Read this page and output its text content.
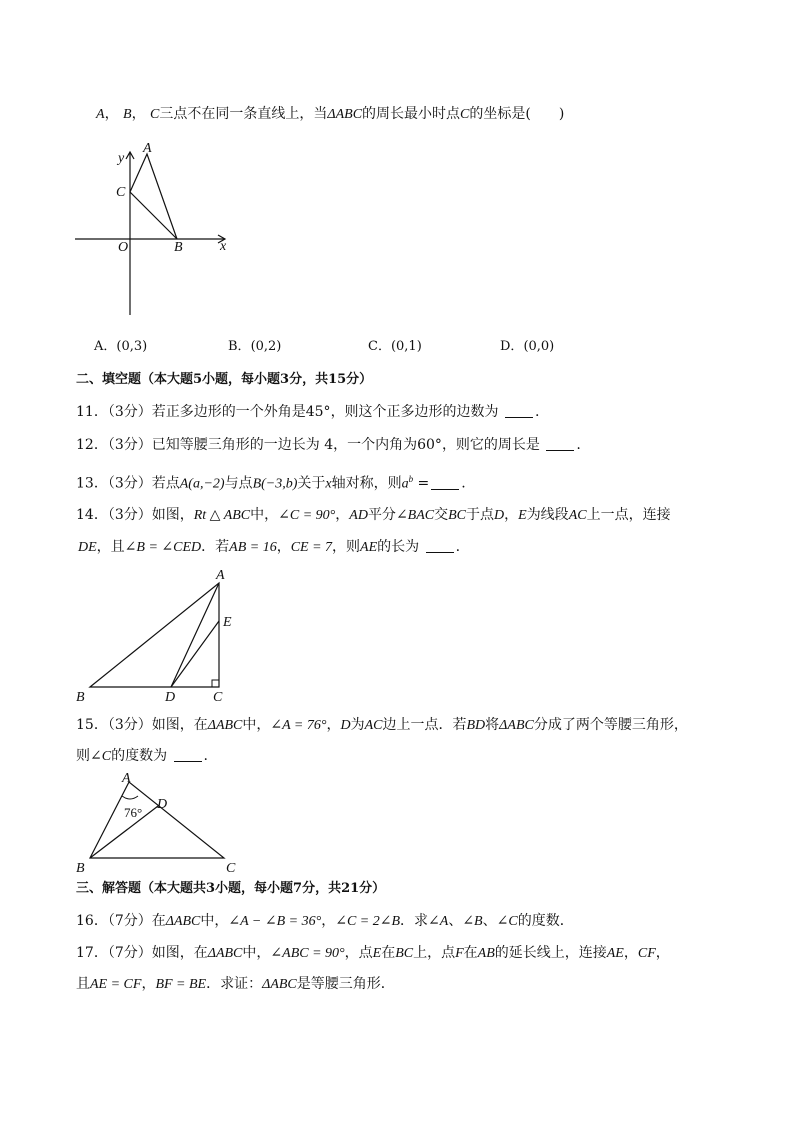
A， B， C三点不在同一条直线上，当ΔABC的周长最小时点C的坐标是(   )
y
x
A
B
C
O
A．(0,3)	B．(0,2)	C．(0,1)	D．(0,0)
二、填空题（本大题5小题，每小题3分，共15分）
11．（3分）若正多边形的一个外角是45°，则这个正多边形的边数为	.
12．（3分）已知等腰三角形的一边长为 4，一个内角为60°，则它的周长是	.
13．（3分）若点A(a,−2)与点B(−3,b)关于x轴对称，则$a^b$ = .
14．（3分）如图，Rt △ ABC中，∠C = 90°，AD平分∠BAC交BC于点D，E为线段AC上一点，连接
DE，且∠B = ∠CED．若AB = 16，CE = 7，则AE的长为	.
A
E
B	D	C
15．（3分）如图，在ΔABC中，∠A = 76°，D为AC边上一点．若BD将ΔABC分成了两个等腰三角形，
则∠C的度数为	.
A
D
B	C
76°
三、解答题（本大题共3小题，每小题7分，共21分）
16．（7分）在ΔABC中，∠A − ∠B = 36°，∠C = 2∠B．求∠A、∠B、∠C的度数．
17．（7分）如图，在ΔABC中，∠ABC = 90°，点E在BC上，点F在AB的延长线上，连接AE，CF，
且AE = CF，BF = BE．求证：ΔABC是等腰三角形．
